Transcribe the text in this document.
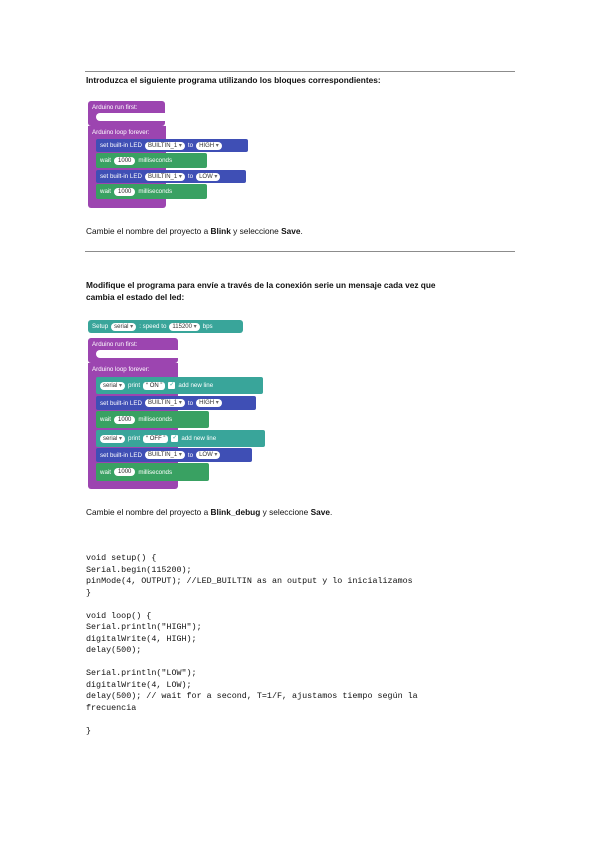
Introduzca el siguiente programa utilizando los bloques correspondientes:
Arduino run first:
Arduino loop forever:
set built-in LED	BUILTIN_1 ▾	to	HIGH ▾
wait	1000	milliseconds
set built-in LED	BUILTIN_1 ▾	to	LOW ▾
wait	1000	milliseconds
Cambie el nombre del proyecto a Blink y seleccione Save.
Modifique el programa para envíe a través de la conexión serie un mensaje cada vez que
cambia el estado del led:
Setup	serial ▾	: speed to	115200 ▾	bps
Arduino run first:
Arduino loop forever:
serial ▾	print	“ ON ”	✓ add new line
set built-in LED	BUILTIN_1 ▾	to	HIGH ▾
wait	1000	milliseconds
serial ▾	print	“ OFF ”	✓ add new line
set built-in LED	BUILTIN_1 ▾	to	LOW ▾
wait	1000	milliseconds
Cambie el nombre del proyecto a Blink_debug y seleccione Save.
void setup() {
Serial.begin(115200);
pinMode(4, OUTPUT); //LED_BUILTIN as an output y lo inicializamos
}

void loop() {
Serial.println("HIGH");
digitalWrite(4, HIGH);
delay(500);

Serial.println("LOW");
digitalWrite(4, LOW);
delay(500); // wait for a second, T=1/F, ajustamos tiempo según la
frecuencia

}
